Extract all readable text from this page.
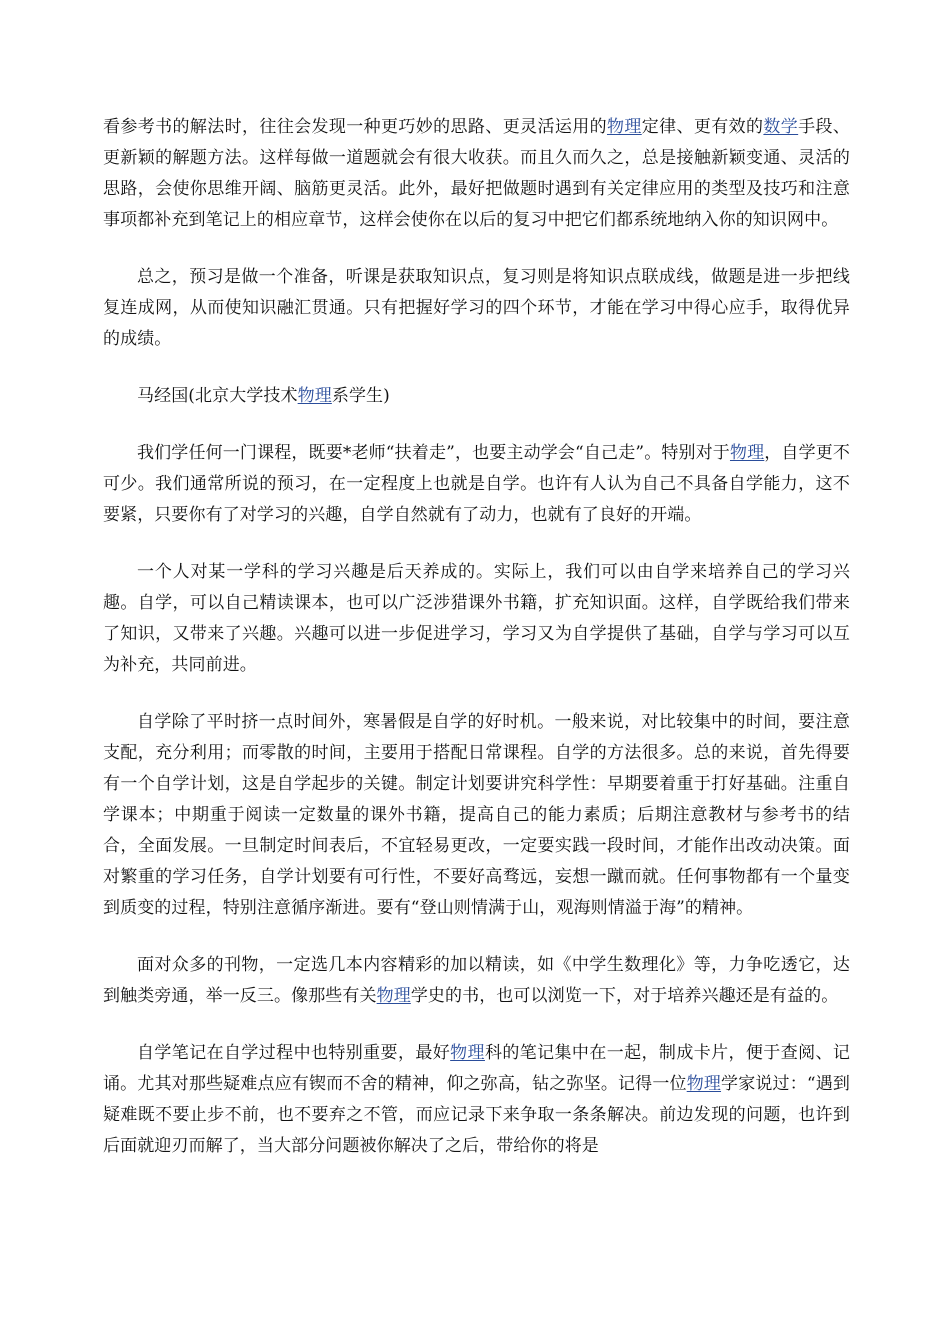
看参考书的解法时，往往会发现一种更巧妙的思路、更灵活运用的物理定律、更有效的数学手段、更新颖的解题方法。这样每做一道题就会有很大收获。而且久而久之，总是接触新颖变通、灵活的思路，会使你思维开阔、脑筋更灵活。此外，最好把做题时遇到有关定律应用的类型及技巧和注意事项都补充到笔记上的相应章节，这样会使你在以后的复习中把它们都系统地纳入你的知识网中。

总之，预习是做一个准备，听课是获取知识点，复习则是将知识点联成线，做题是进一步把线复连成网，从而使知识融汇贯通。只有把握好学习的四个环节，才能在学习中得心应手，取得优异的成绩。

马经国(北京大学技术物理系学生)

我们学任何一门课程，既要*老师“扶着走”，也要主动学会“自己走”。特别对于物理，自学更不可少。我们通常所说的预习，在一定程度上也就是自学。也许有人认为自己不具备自学能力，这不要紧，只要你有了对学习的兴趣，自学自然就有了动力，也就有了良好的开端。

一个人对某一学科的学习兴趣是后天养成的。实际上，我们可以由自学来培养自己的学习兴趣。自学，可以自己精读课本，也可以广泛涉猎课外书籍，扩充知识面。这样，自学既给我们带来了知识，又带来了兴趣。兴趣可以进一步促进学习，学习又为自学提供了基础，自学与学习可以互为补充，共同前进。

自学除了平时挤一点时间外，寒暑假是自学的好时机。一般来说，对比较集中的时间，要注意支配，充分利用；而零散的时间，主要用于搭配日常课程。自学的方法很多。总的来说，首先得要有一个自学计划，这是自学起步的关键。制定计划要讲究科学性：早期要着重于打好基础。注重自学课本；中期重于阅读一定数量的课外书籍，提高自己的能力素质；后期注意教材与参考书的结合，全面发展。一旦制定时间表后，不宜轻易更改，一定要实践一段时间，才能作出改动决策。面对繁重的学习任务，自学计划要有可行性，不要好高骛远，妄想一蹴而就。任何事物都有一个量变到质变的过程，特别注意循序渐进。要有“登山则情满于山，观海则情溢于海”的精神。

面对众多的刊物，一定选几本内容精彩的加以精读，如《中学生数理化》等，力争吃透它，达到触类旁通，举一反三。像那些有关物理学史的书，也可以浏览一下，对于培养兴趣还是有益的。

自学笔记在自学过程中也特别重要，最好物理科的笔记集中在一起，制成卡片，便于查阅、记诵。尤其对那些疑难点应有锲而不舍的精神，仰之弥高，钻之弥坚。记得一位物理学家说过：“遇到疑难既不要止步不前，也不要弃之不管，而应记录下来争取一条条解决。前边发现的问题，也许到后面就迎刃而解了，当大部分问题被你解决了之后，带给你的将是
